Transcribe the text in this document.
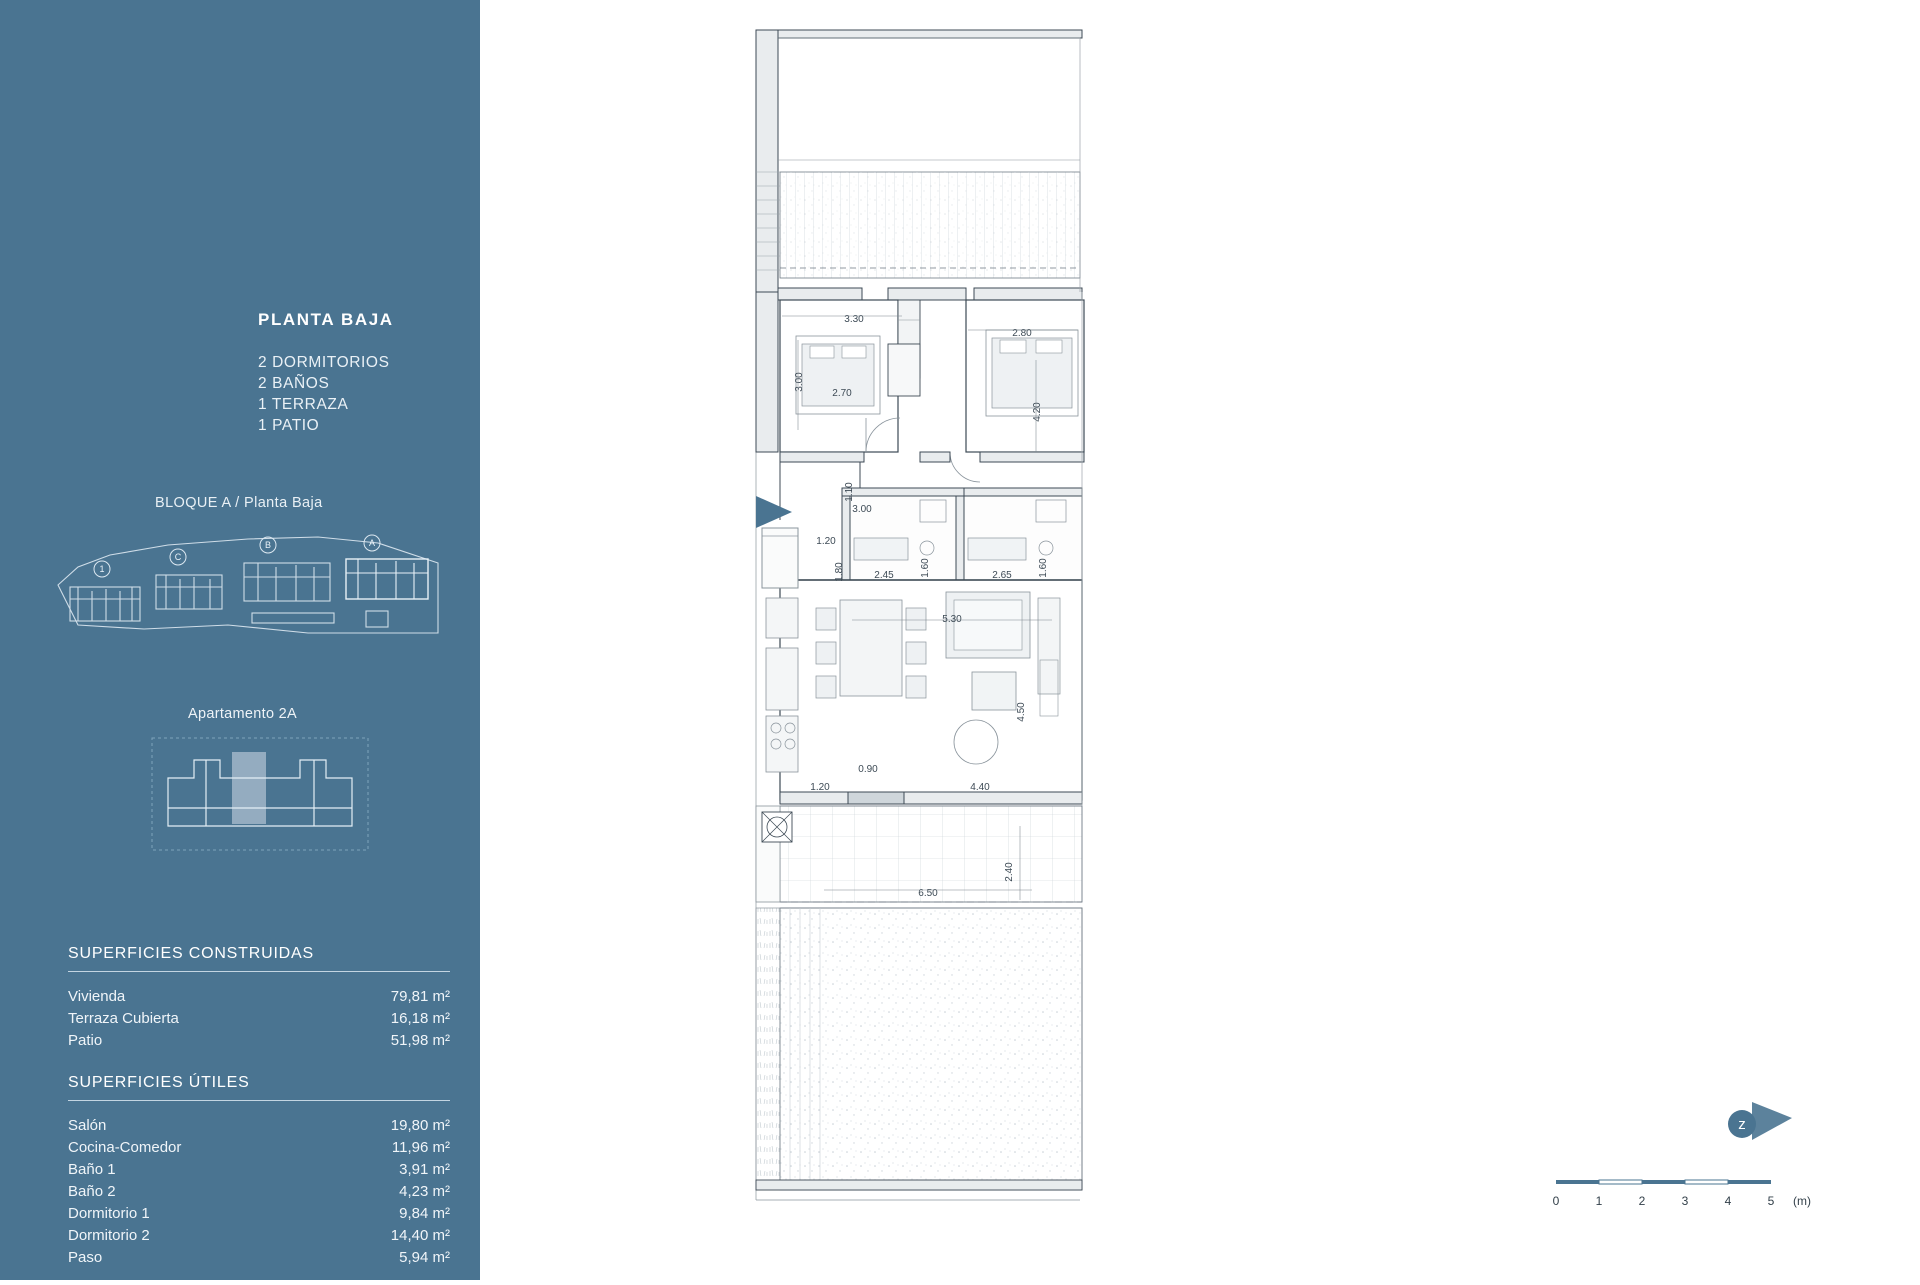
PLANTA BAJA
2 DORMITORIOS
2 BAÑOS
1 TERRAZA
1 PATIO
BLOQUE A / Planta Baja
1
C
B	A
Apartamento 2A
SUPERFICIES CONSTRUIDAS
Vivienda	79,81 m²
Terraza Cubierta	16,18 m²
Patio	51,98 m²
SUPERFICIES ÚTILES
Salón	19,80 m²
Cocina-Comedor	11,96 m²
Baño 1	3,91 m²
Baño 2	4,23 m²
Dormitorio 1	9,84 m²
Dormitorio 2	14,40 m²
Paso	5,94 m²
3.30
2.80
3.00
2.70
4.20
1.10
3.00
1.20
1.80	1.60	1.60
2.45	2.65
5.30
4.50
0.90
4.40
1.20
2.40
6.50
z
0	1	2	3	4	5 (m)
